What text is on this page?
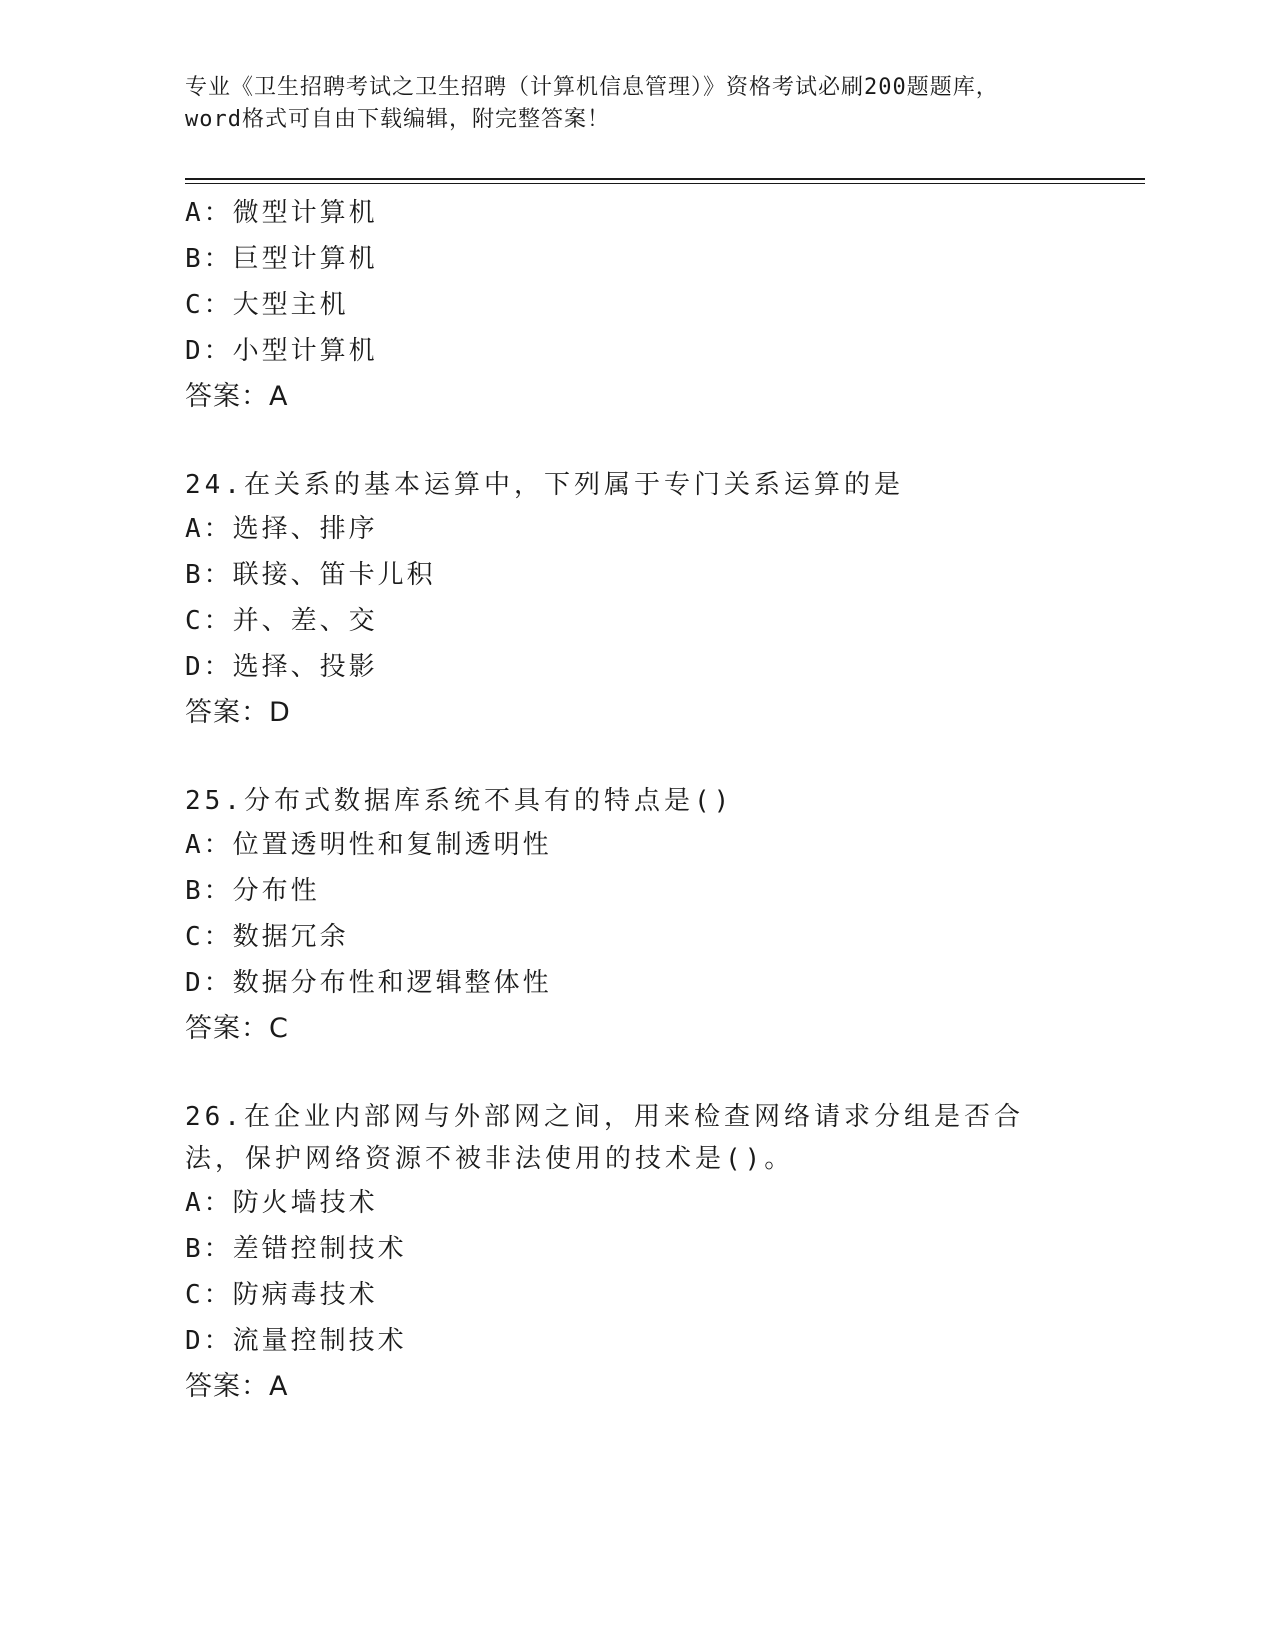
专业《卫生招聘考试之卫生招聘（计算机信息管理）》资格考试必刷200题题库，
word格式可自由下载编辑，附完整答案！
A：微型计算机
B：巨型计算机
C：大型主机
D：小型计算机
答案：A
24.在关系的基本运算中，下列属于专门关系运算的是
A：选择、排序
B：联接、笛卡儿积
C：并、差、交
D：选择、投影
答案：D
25.分布式数据库系统不具有的特点是()
A：位置透明性和复制透明性
B：分布性
C：数据冗余
D：数据分布性和逻辑整体性
答案：C
26.在企业内部网与外部网之间，用来检查网络请求分组是否合法，保护网络资源不被非法使用的技术是()。
A：防火墙技术
B：差错控制技术
C：防病毒技术
D：流量控制技术
答案：A
